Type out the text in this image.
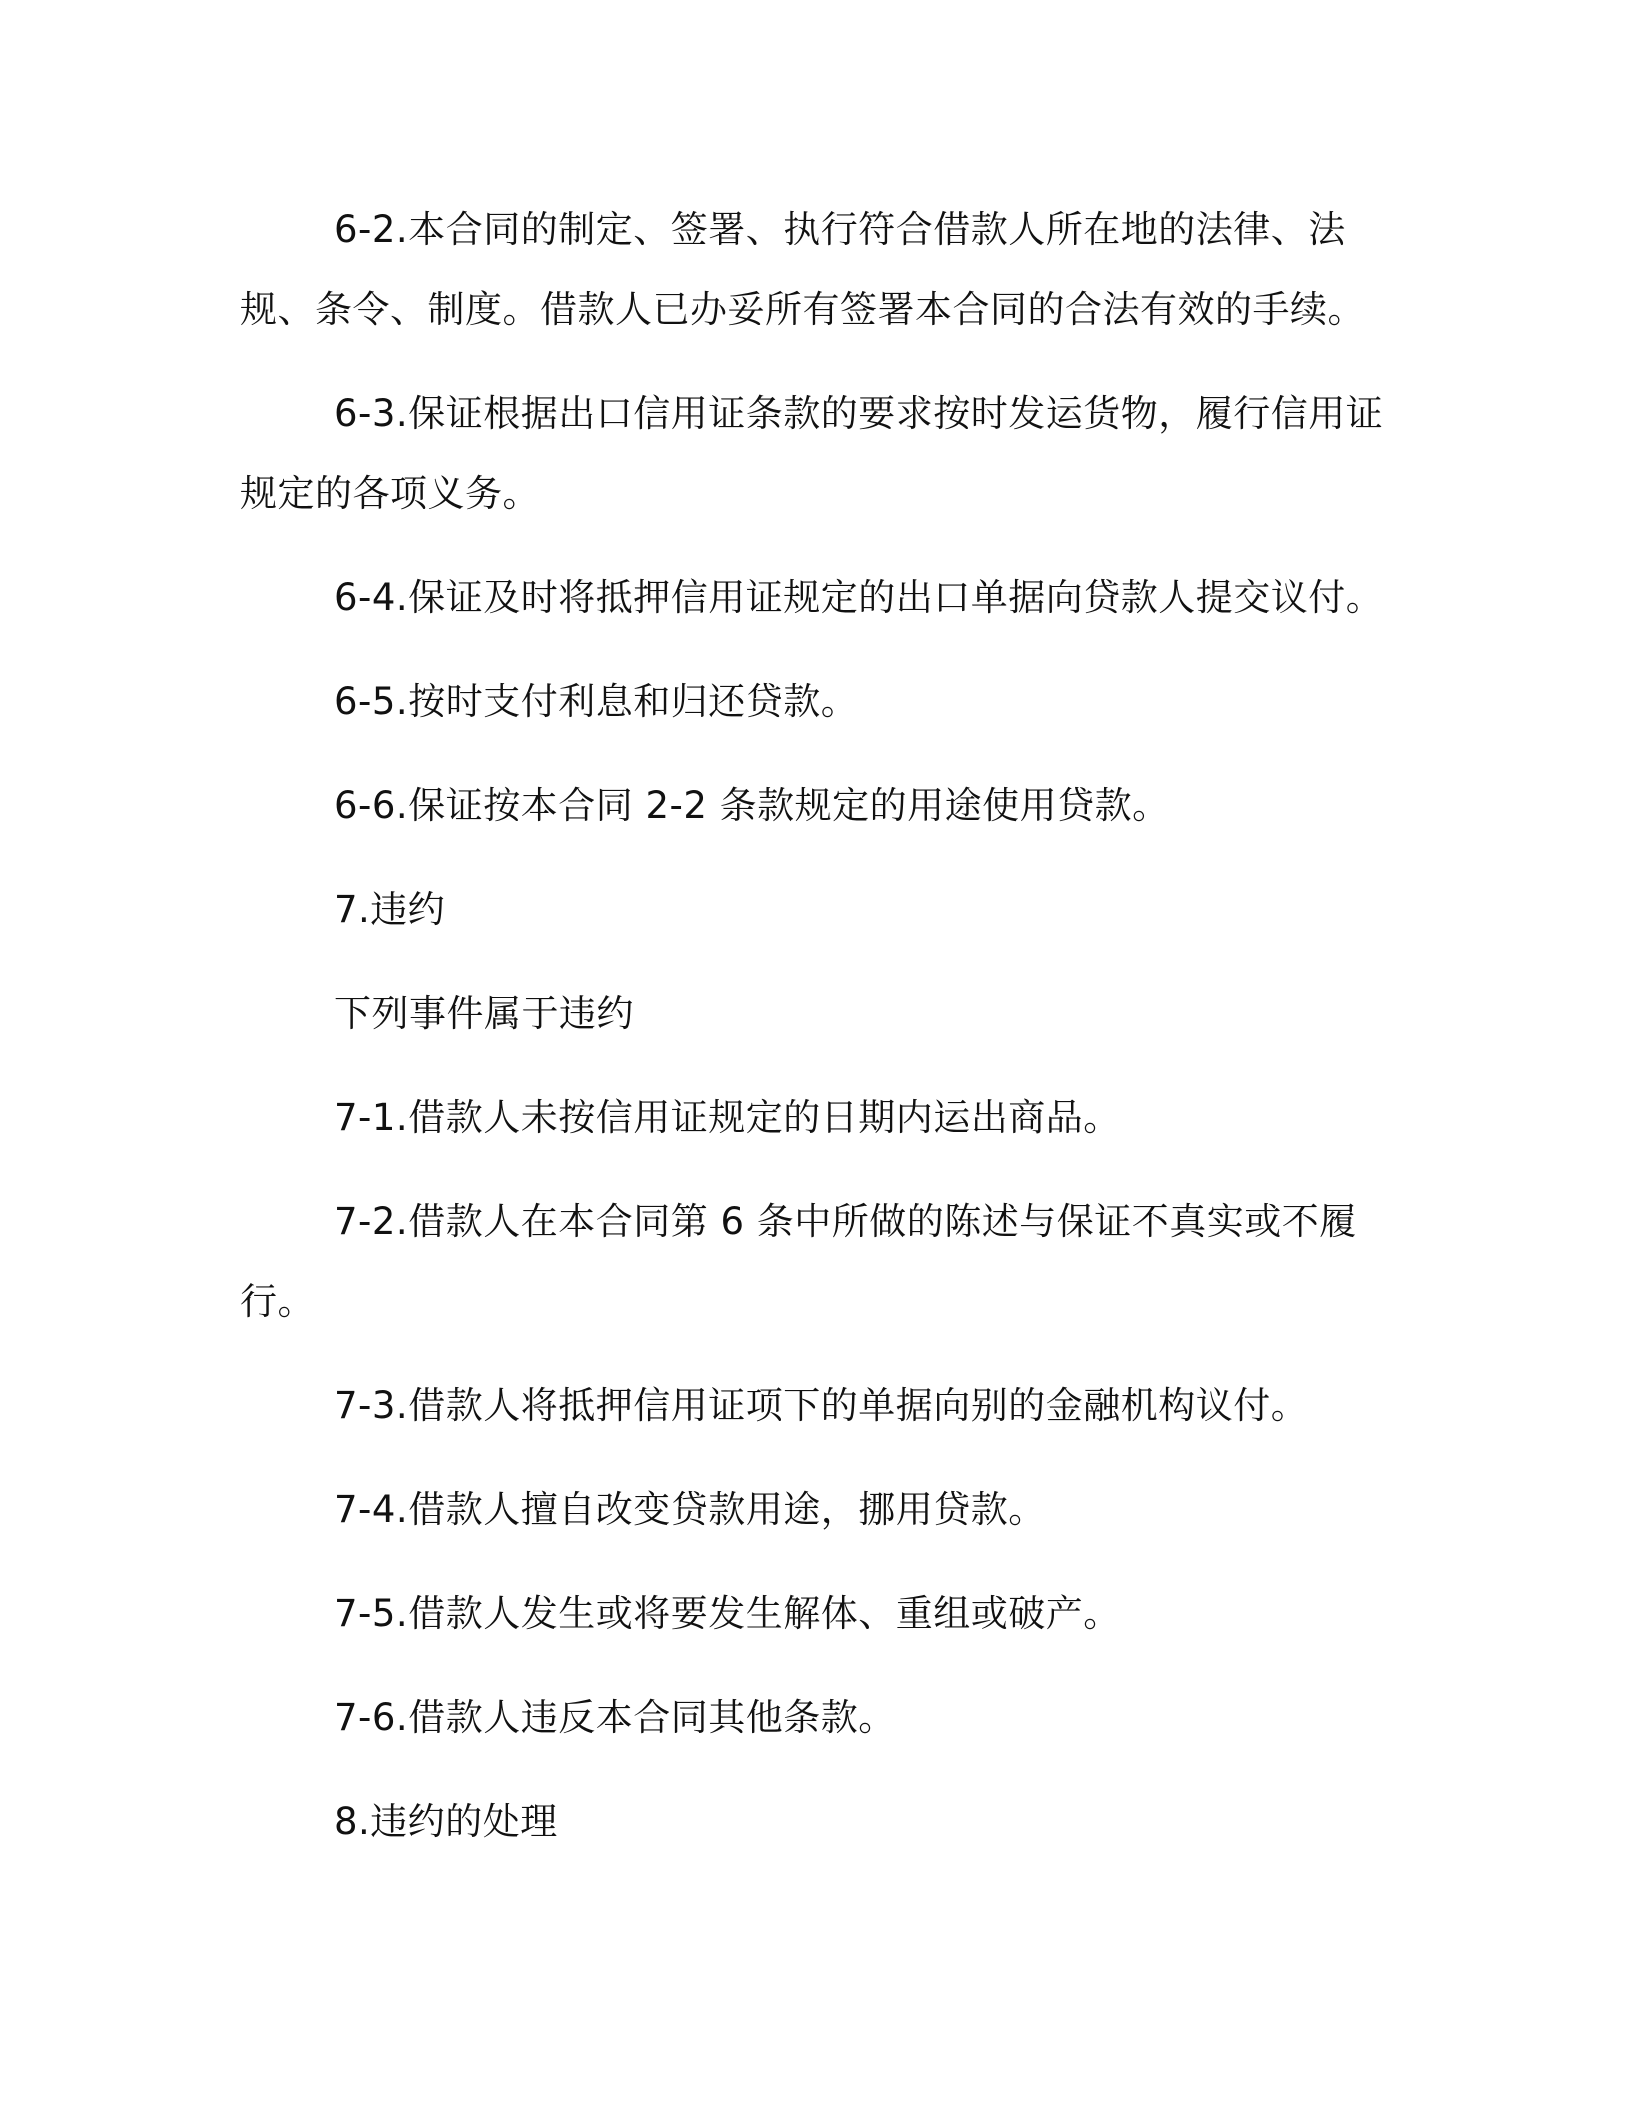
6-2.本合同的制定、签署、执行符合借款人所在地的法律、法规、条令、制度。借款人已办妥所有签署本合同的合法有效的手续。

6-3.保证根据出口信用证条款的要求按时发运货物，履行信用证规定的各项义务。

6-4.保证及时将抵押信用证规定的出口单据向贷款人提交议付。

6-5.按时支付利息和归还贷款。

6-6.保证按本合同 2-2 条款规定的用途使用贷款。

7.违约

下列事件属于违约

7-1.借款人未按信用证规定的日期内运出商品。

7-2.借款人在本合同第 6 条中所做的陈述与保证不真实或不履行。

7-3.借款人将抵押信用证项下的单据向别的金融机构议付。

7-4.借款人擅自改变贷款用途，挪用贷款。

7-5.借款人发生或将要发生解体、重组或破产。

7-6.借款人违反本合同其他条款。

8.违约的处理
